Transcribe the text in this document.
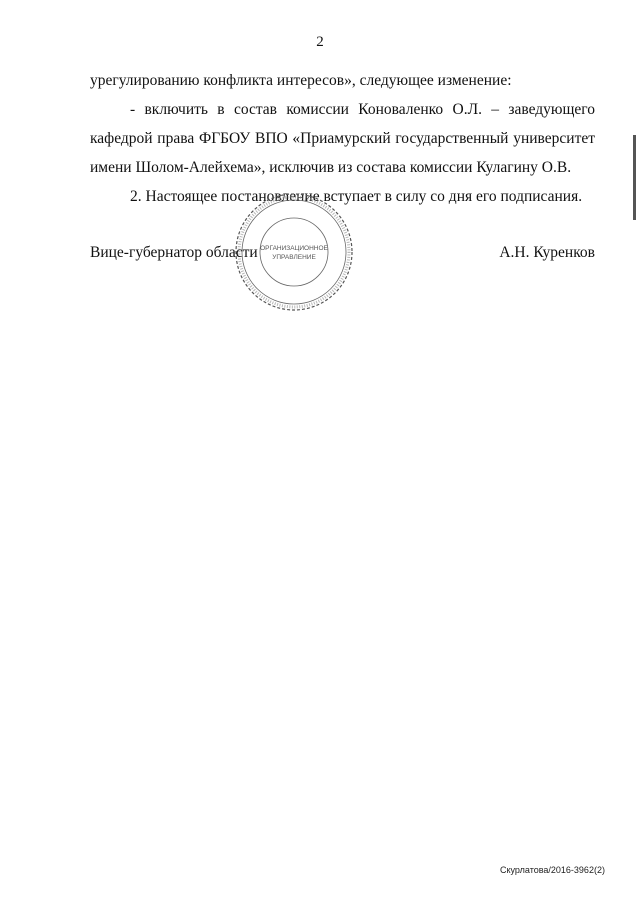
2
урегулированию конфликта интересов», следующее изменение:
- включить в состав комиссии Коноваленко О.Л. – заведующего
кафедрой права ФГБОУ ВПО «Приамурский государственный университет
имени Шолом-Алейхема», исключив из состава комиссии Кулагину О.В.
2. Настоящее постановление вступает в силу со дня его подписания.
ОРГАНИЗАЦИОННОЕ
УПРАВЛЕНИЕ
Вице-губернатор области	А.Н. Куренков
Скурлатова/2016-3962(2)
